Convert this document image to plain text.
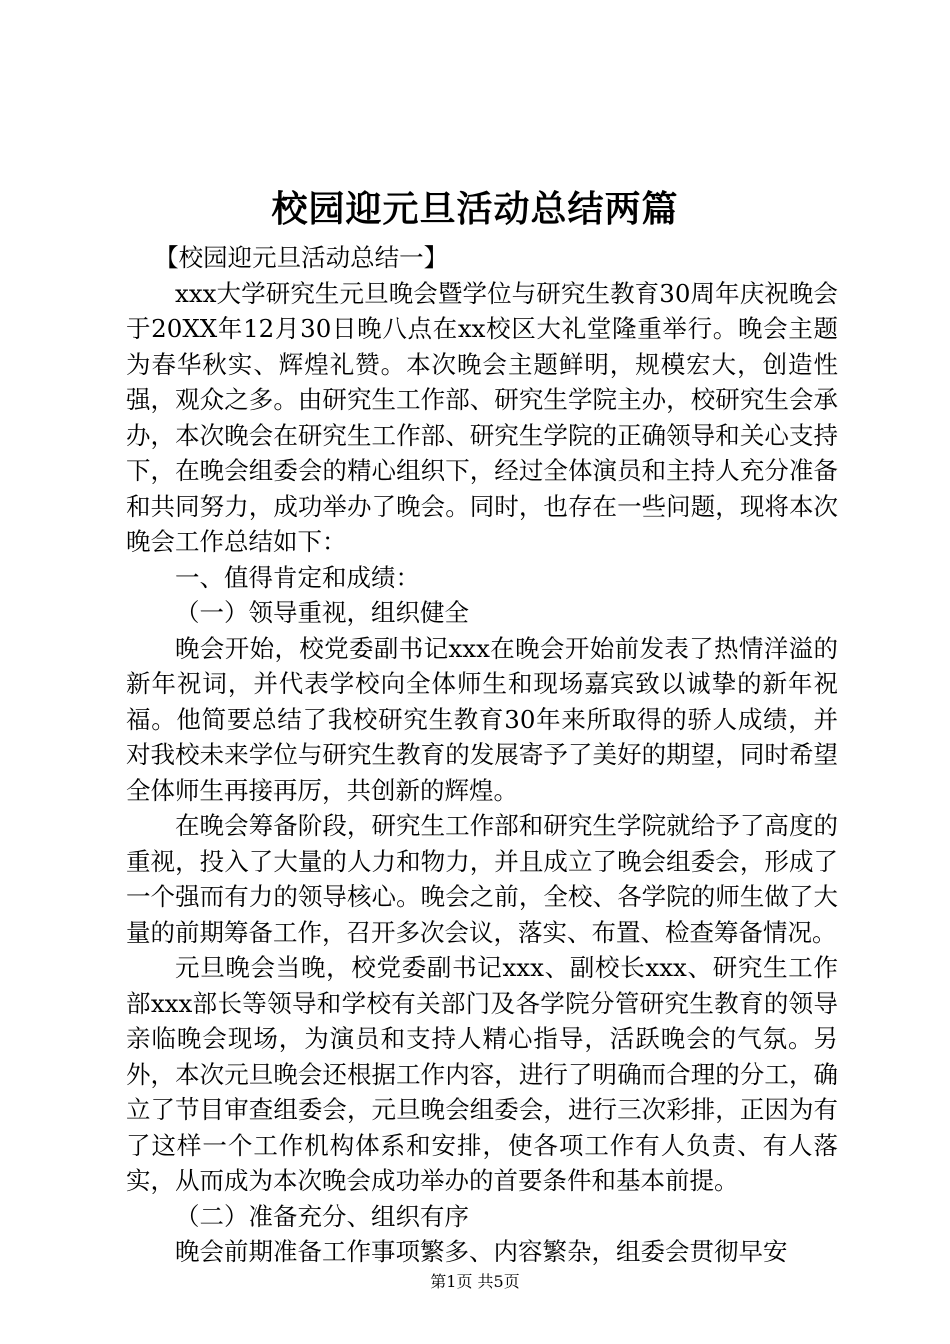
校园迎元旦活动总结两篇

【校园迎元旦活动总结一】

xxx大学研究生元旦晚会暨学位与研究生教育30周年庆祝晚会于20XX年12月30日晚八点在xx校区大礼堂隆重举行。晚会主题为春华秋实、辉煌礼赞。本次晚会主题鲜明，规模宏大，创造性强，观众之多。由研究生工作部、研究生学院主办，校研究生会承办，本次晚会在研究生工作部、研究生学院的正确领导和关心支持下，在晚会组委会的精心组织下，经过全体演员和主持人充分准备和共同努力，成功举办了晚会。同时，也存在一些问题，现将本次晚会工作总结如下：

一、值得肯定和成绩：

（一）领导重视，组织健全

晚会开始，校党委副书记xxx在晚会开始前发表了热情洋溢的新年祝词，并代表学校向全体师生和现场嘉宾致以诚挚的新年祝福。他简要总结了我校研究生教育30年来所取得的骄人成绩，并对我校未来学位与研究生教育的发展寄予了美好的期望，同时希望全体师生再接再厉，共创新的辉煌。

在晚会筹备阶段，研究生工作部和研究生学院就给予了高度的重视，投入了大量的人力和物力，并且成立了晚会组委会，形成了一个强而有力的领导核心。晚会之前，全校、各学院的师生做了大量的前期筹备工作，召开多次会议，落实、布置、检查筹备情况。

元旦晚会当晚，校党委副书记xxx、副校长xxx、研究生工作部xxx部长等领导和学校有关部门及各学院分管研究生教育的领导亲临晚会现场，为演员和支持人精心指导，活跃晚会的气氛。另外，本次元旦晚会还根据工作内容，进行了明确而合理的分工，确立了节目审查组委会，元旦晚会组委会，进行三次彩排，正因为有了这样一个工作机构体系和安排，使各项工作有人负责、有人落实，从而成为本次晚会成功举办的首要条件和基本前提。

（二）准备充分、组织有序

晚会前期准备工作事项繁多、内容繁杂，组委会贯彻早安

第1页 共5页
